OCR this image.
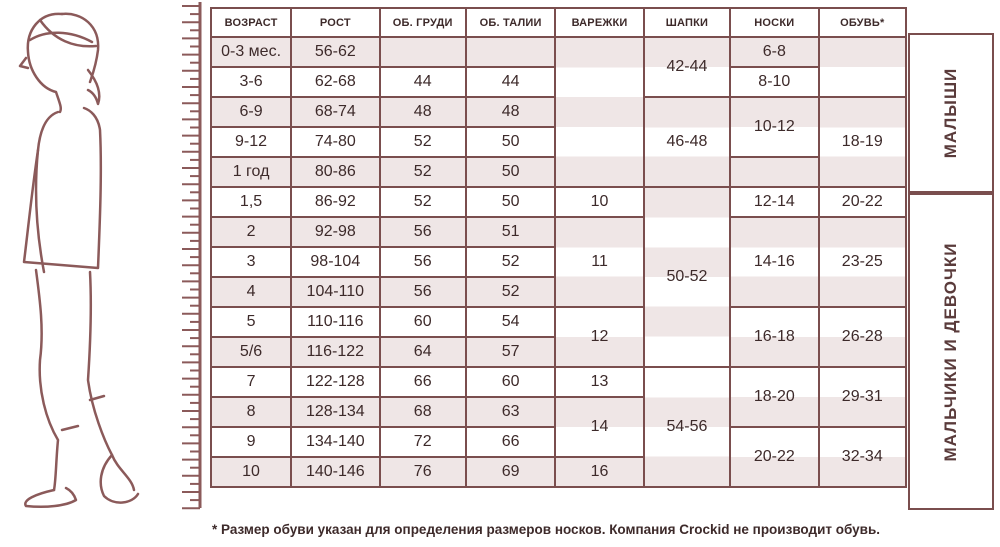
ВОЗРАСТ	РОСТ	ОБ. ГРУДИ	ОБ. ТАЛИИ	ВАРЕЖКИ	ШАПКИ	НОСКИ	ОБУВЬ*
0-3 мес.	56-62				42-44	6-8	
3-6	62-68	44	44			8-10	
6-9	68-74	48	48		46-48	10-12	18-19
9-12	74-80	52	50				
1 год	80-86	52	50				
1,5	86-92	52	50	10	50-52	12-14	20-22
2	92-98	56	51	11		14-16	23-25
3	98-104	56	52				
4	104-110	56	52				
5	110-116	60	54	12		16-18	26-28
5/6	116-122	64	57				
7	122-128	66	60	13	54-56	18-20	29-31
8	128-134	68	63	14			
9	134-140	72	66			20-22	32-34
10	140-146	76	69	16			
МАЛЫШИ
МАЛЬЧИКИ И ДЕВОЧКИ
* Размер обуви указан для определения размеров носков. Компания Crockid не производит обувь.
